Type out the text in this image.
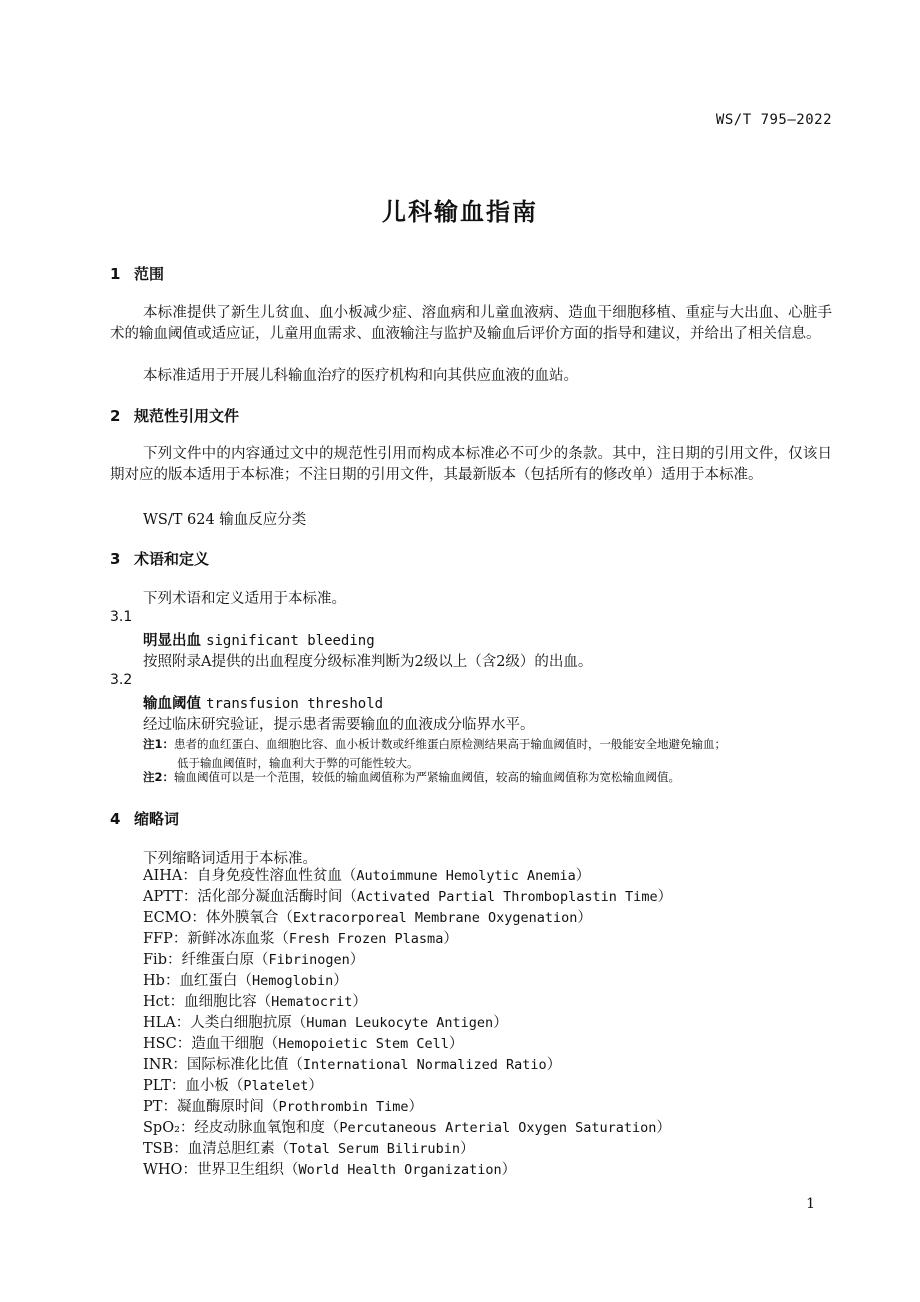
WS/T 795—2022
儿科输血指南
1 范围
本标准提供了新生儿贫血、血小板减少症、溶血病和儿童血液病、造血干细胞移植、重症与大出血、心脏手术的输血阈值或适应证，儿童用血需求、血液输注与监护及输血后评价方面的指导和建议，并给出了相关信息。
本标准适用于开展儿科输血治疗的医疗机构和向其供应血液的血站。
2 规范性引用文件
下列文件中的内容通过文中的规范性引用而构成本标准必不可少的条款。其中，注日期的引用文件，仅该日期对应的版本适用于本标准；不注日期的引用文件，其最新版本（包括所有的修改单）适用于本标准。
WS/T 624 输血反应分类
3 术语和定义
下列术语和定义适用于本标准。
3.1
明显出血 significant bleeding
按照附录A提供的出血程度分级标准判断为2级以上（含2级）的出血。
3.2
输血阈值 transfusion threshold
经过临床研究验证，提示患者需要输血的血液成分临界水平。
注1：患者的血红蛋白、血细胞比容、血小板计数或纤维蛋白原检测结果高于输血阈值时，一般能安全地避免输血；
低于输血阈值时，输血利大于弊的可能性较大。
注2：输血阈值可以是一个范围，较低的输血阈值称为严紧输血阈值，较高的输血阈值称为宽松输血阈值。
4 缩略词
下列缩略词适用于本标准。
AIHA：自身免疫性溶血性贫血（Autoimmune Hemolytic Anemia）
APTT：活化部分凝血活酶时间（Activated Partial Thromboplastin Time）
ECMO：体外膜氧合（Extracorporeal Membrane Oxygenation）
FFP：新鲜冰冻血浆（Fresh Frozen Plasma）
Fib：纤维蛋白原（Fibrinogen）
Hb：血红蛋白（Hemoglobin）
Hct：血细胞比容（Hematocrit）
HLA：人类白细胞抗原（Human Leukocyte Antigen）
HSC：造血干细胞（Hemopoietic Stem Cell）
INR：国际标准化比值（International Normalized Ratio）
PLT：血小板（Platelet）
PT：凝血酶原时间（Prothrombin Time）
SpO₂：经皮动脉血氧饱和度（Percutaneous Arterial Oxygen Saturation）
TSB：血清总胆红素（Total Serum Bilirubin）
WHO：世界卫生组织（World Health Organization）
1
